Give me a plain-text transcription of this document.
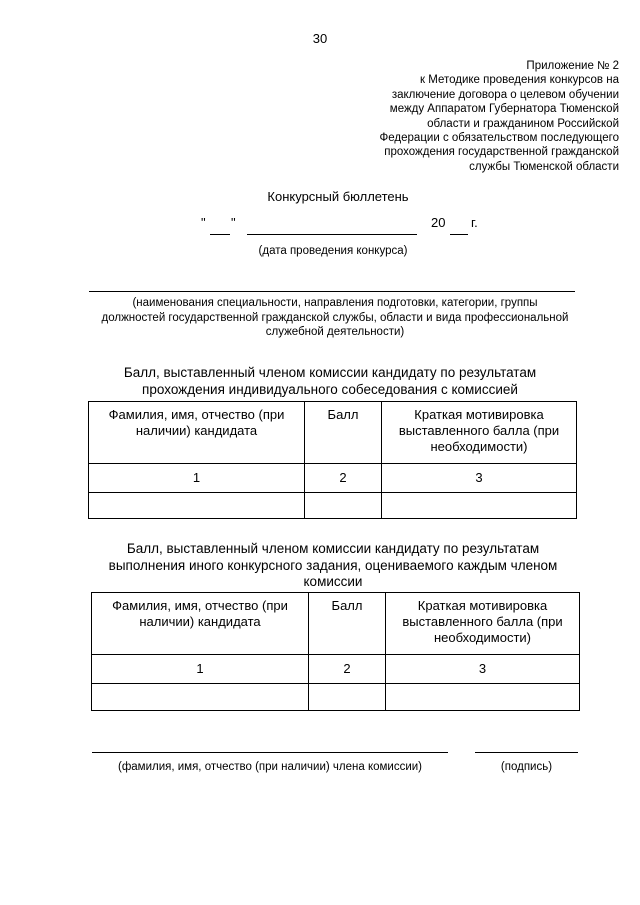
30
Приложение № 2
к Методике проведения конкурсов на
заключение договора о целевом обучении
между Аппаратом Губернатора Тюменской
области и гражданином Российской
Федерации с обязательством последующего
прохождения государственной гражданской
службы Тюменской области
Конкурсный бюллетень
" "	20 г.
(дата проведения конкурса)
(наименования специальности, направления подготовки, категории, группы
должностей государственной гражданской службы, области и вида профессиональной
служебной деятельности)
Балл, выставленный членом комиссии кандидату по результатам
прохождения индивидуального собеседования с комиссией
Фамилия, имя, отчество (при наличии) кандидата	Балл	Краткая мотивировка выставленного балла (при необходимости)
1	2	3

Балл, выставленный членом комиссии кандидату по результатам
выполнения иного конкурсного задания, оцениваемого каждым членом
комиссии
Фамилия, имя, отчество (при наличии) кандидата	Балл	Краткая мотивировка выставленного балла (при необходимости)
1	2	3

(фамилия, имя, отчество (при наличии) члена комиссии)	(подпись)
